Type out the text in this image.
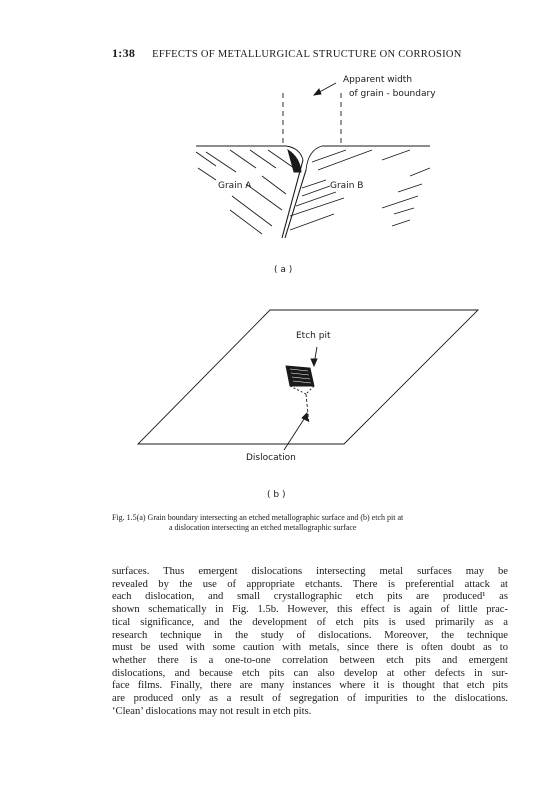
1:38 EFFECTS OF METALLURGICAL STRUCTURE ON CORROSION
Apparent width
of grain - boundary
Grain A	Grain B
( a )
Etch pit
Dislocation
( b )
Fig. 1.5(a) Grain boundary intersecting an etched metallographic surface and (b) etch pit at
a dislocation intersecting an etched metallographic surface
surfaces. Thus emergent dislocations intersecting metal surfaces may be
revealed by the use of appropriate etchants. There is preferential attack at
each dislocation, and small crystallographic etch pits are produced¹ as
shown schematically in Fig. 1.5b. However, this effect is again of little prac-
tical significance, and the development of etch pits is used primarily as a
research technique in the study of dislocations. Moreover, the technique
must be used with some caution with metals, since there is often doubt as to
whether there is a one-to-one correlation between etch pits and emergent
dislocations, and because etch pits can also develop at other defects in sur-
face films. Finally, there are many instances where it is thought that etch pits
are produced only as a result of segregation of impurities to the dislocations.
‘Clean’ dislocations may not result in etch pits.
